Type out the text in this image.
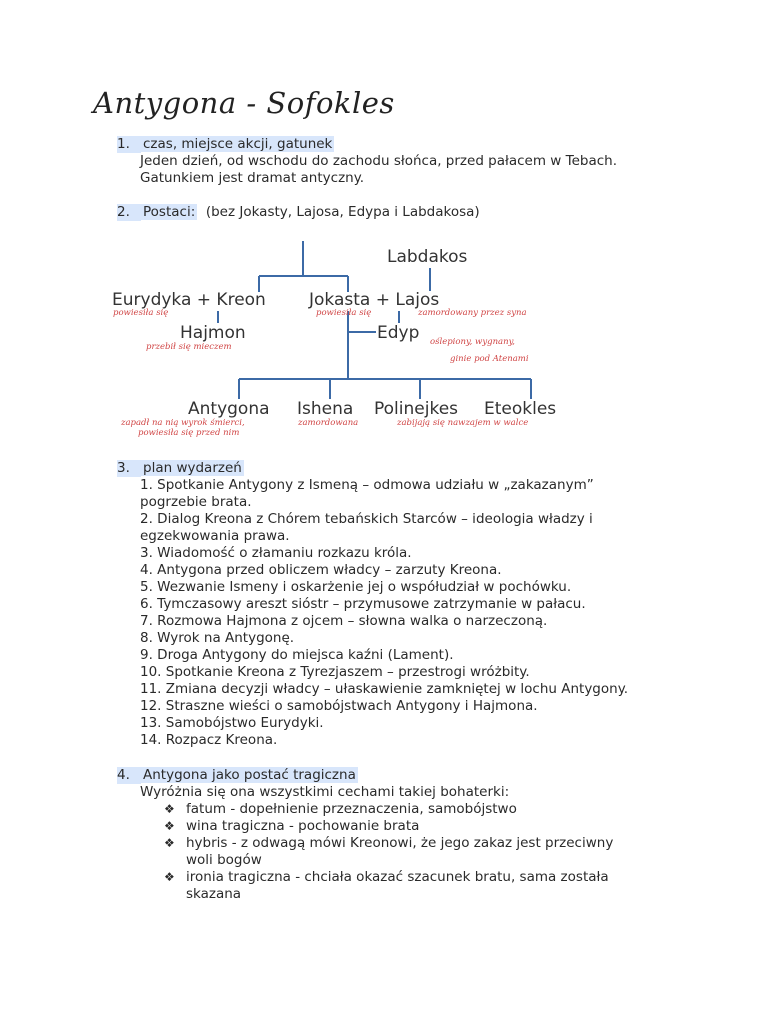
Antygona - Sofokles
1. czas, miejsce akcji, gatunek
Jeden dzień, od wschodu do zachodu słońca, przed pałacem w Tebach.
Gatunkiem jest dramat antyczny.
2. Postaci: (bez Jokasty, Lajosa, Edypa i Labdakosa)
Labdakos
Eurydyka + Kreon	Jokasta + Lajos
Hajmon	Edyp
Antygona Ishena Polinejkes Eteokles
powiesiła się	powiesiła się	zamordowany przez syna
przebił się mieczem	oślepiony, wygnany,
ginie pod Atenami
zapadł na nią wyrok śmierci,
powiesiła się przed nim
zamordowana	zabijają się nawzajem w walce
3. plan wydarzeń
1. Spotkanie Antygony z Ismeną – odmowa udziału w „zakazanym”
pogrzebie brata.
2. Dialog Kreona z Chórem tebańskich Starców – ideologia władzy i
egzekwowania prawa.
3. Wiadomość o złamaniu rozkazu króla.
4. Antygona przed obliczem władcy – zarzuty Kreona.
5. Wezwanie Ismeny i oskarżenie jej o współudział w pochówku.
6. Tymczasowy areszt sióstr – przymusowe zatrzymanie w pałacu.
7. Rozmowa Hajmona z ojcem – słowna walka o narzeczoną.
8. Wyrok na Antygonę.
9. Droga Antygony do miejsca kaźni (Lament).
10. Spotkanie Kreona z Tyrezjaszem – przestrogi wróżbity.
11. Zmiana decyzji władcy – ułaskawienie zamkniętej w lochu Antygony.
12. Straszne wieści o samobójstwach Antygony i Hajmona.
13. Samobójstwo Eurydyki.
14. Rozpacz Kreona.
4. Antygona jako postać tragiczna
Wyróżnia się ona wszystkimi cechami takiej bohaterki:
❖ fatum - dopełnienie przeznaczenia, samobójstwo
❖ wina tragiczna - pochowanie brata
❖ hybris - z odwagą mówi Kreonowi, że jego zakaz jest przeciwny
woli bogów
❖ ironia tragiczna - chciała okazać szacunek bratu, sama została
skazana
